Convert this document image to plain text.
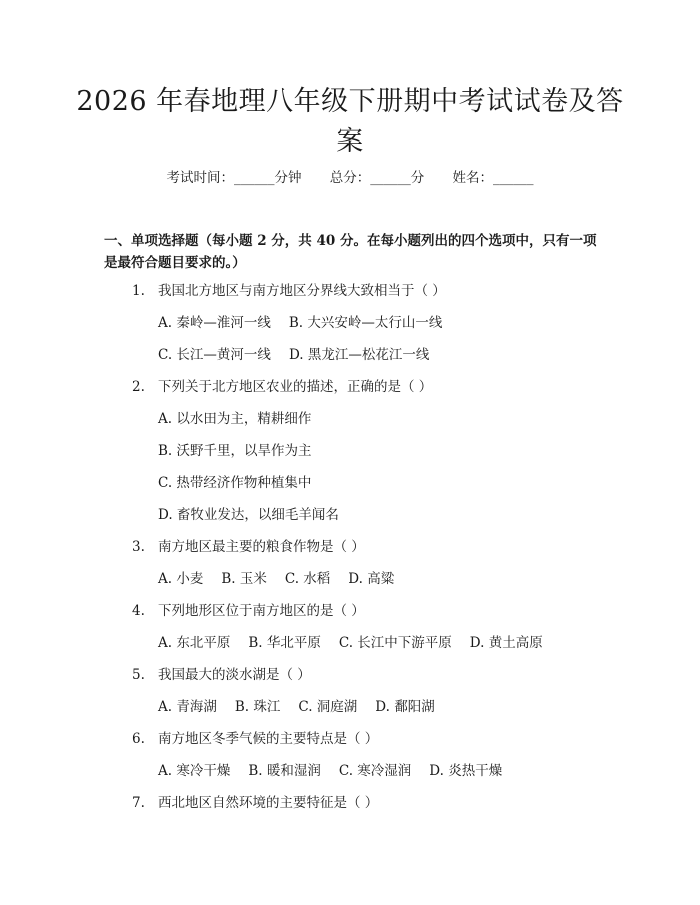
2026 年春地理八年级下册期中考试试卷及答
案
考试时间：______分钟 总分：______分 姓名：______
一、单项选择题（每小题 2 分，共 40 分。在每小题列出的四个选项中，只有一项是最符合题目要求的。）
1. 我国北方地区与南方地区分界线大致相当于（ ）
A. 秦岭—淮河一线 B. 大兴安岭—太行山一线
C. 长江—黄河一线 D. 黑龙江—松花江一线
2. 下列关于北方地区农业的描述，正确的是（ ）
A. 以水田为主，精耕细作
B. 沃野千里，以旱作为主
C. 热带经济作物种植集中
D. 畜牧业发达，以细毛羊闻名
3. 南方地区最主要的粮食作物是（ ）
A. 小麦 B. 玉米 C. 水稻 D. 高粱
4. 下列地形区位于南方地区的是（ ）
A. 东北平原 B. 华北平原 C. 长江中下游平原 D. 黄土高原
5. 我国最大的淡水湖是（ ）
A. 青海湖 B. 珠江 C. 洞庭湖 D. 鄱阳湖
6. 南方地区冬季气候的主要特点是（ ）
A. 寒冷干燥 B. 暖和湿润 C. 寒冷湿润 D. 炎热干燥
7. 西北地区自然环境的主要特征是（ ）
